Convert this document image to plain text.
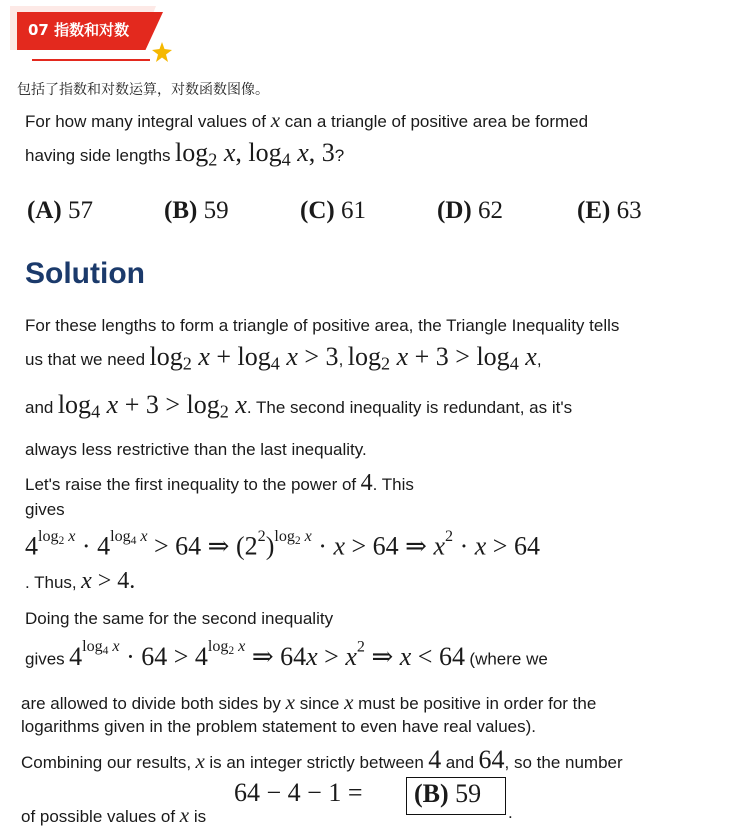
07 指数和对数
包括了指数和对数运算，对数函数图像。
For how many integral values of x can a triangle of positive area be formed
having side lengths $\log_2 x$, $\log_4 x$, 3?
(A) 57	(B) 59	(C) 61	(D) 62	(E) 63
Solution
For these lengths to form a triangle of positive area, the Triangle Inequality tells
us that we need $\log_2 x + \log_4 x > 3$, $\log_2 x + 3 > \log_4 x$,
and $\log_4 x + 3 > \log_2 x$. The second inequality is redundant, as it's
always less restrictive than the last inequality.
Let's raise the first inequality to the power of 4. This
gives
$4^{log_2 x} \cdot 4^{log_4 x} > 64$ ⇒ $(2^2)^{log_2 x} \cdot x > 64$ ⇒ $x^2 \cdot x > 64$
. Thus, x > 4.
Doing the same for the second inequality
gives $4^{log_4 x} \cdot 64 > 4^{log_2 x}$ ⇒ $64x > x^2$ ⇒ x < 64 (where we
are allowed to divide both sides by x since x must be positive in order for the
logarithms given in the problem statement to even have real values).
Combining our results, x is an integer strictly between 4 and 64, so the number
of possible values of x is
64 − 4 − 1 = (B) 59
.
